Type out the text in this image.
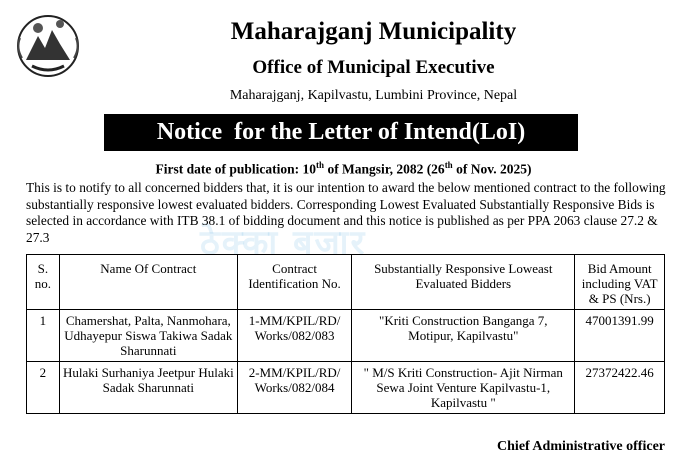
Maharajganj Municipality
Office of Municipal Executive
Maharajganj, Kapilvastu, Lumbini Province, Nepal
Notice  for the Letter of Intend(LoI)
First date of publication: 10th of Mangsir, 2082 (26th of Nov. 2025)
ठेक्का बजार

This is to notify to all concerned bidders that, it is our intention to award the below mentioned contract to the following substantially responsive lowest evaluated bidders. Corresponding Lowest Evaluated Substantially Responsive Bids is selected in accordance with ITB 38.1 of bidding document and this notice is published as per PPA 2063 clause 27.2 & 27.3

S. no.	Name Of Contract	Contract Identification No.	Substantially Responsive Loweast Evaluated Bidders	Bid Amount including VAT & PS (Nrs.)
1	Chamershat, Palta, Nanmohara, Udhayepur Siswa Takiwa Sadak Sharunnati	1-MM/KPIL/RD/ Works/082/083	"Kriti Construction Banganga 7, Motipur, Kapilvastu"	47001391.99
2	Hulaki Surhaniya Jeetpur Hulaki Sadak Sharunnati	2-MM/KPIL/RD/ Works/082/084	" M/S Kriti Construction- Ajit Nirman Sewa Joint Venture Kapilvastu-1, Kapilvastu "	27372422.46
Chief Administrative officer
